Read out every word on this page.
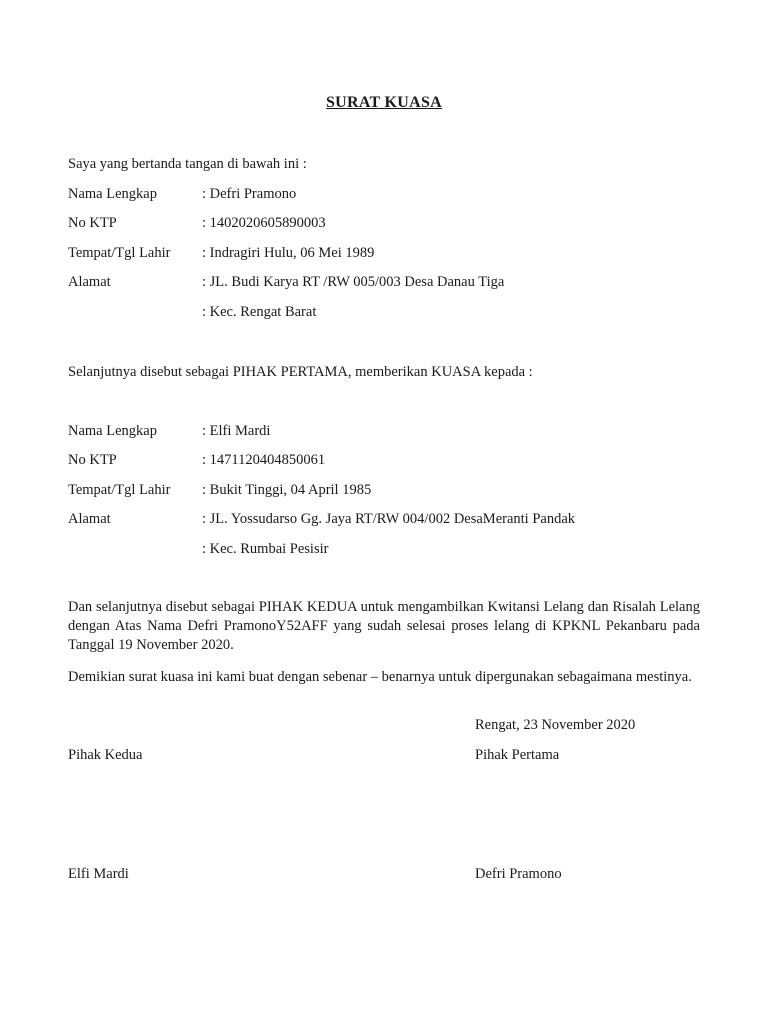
SURAT KUASA
Saya yang bertanda tangan di bawah ini :
Nama Lengkap	: Defri Pramono
No KTP	: 1402020605890003
Tempat/Tgl Lahir : Indragiri Hulu, 06 Mei 1989
Alamat	: JL. Budi Karya RT /RW 005/003 Desa Danau Tiga
: Kec. Rengat Barat
Selanjutnya disebut sebagai PIHAK PERTAMA, memberikan KUASA kepada :
Nama Lengkap	: Elfi Mardi
No KTP	: 1471120404850061
Tempat/Tgl Lahir : Bukit Tinggi, 04 April 1985
Alamat	: JL. Yossudarso Gg. Jaya RT/RW 004/002 DesaMeranti Pandak
: Kec. Rumbai Pesisir
Dan selanjutnya disebut sebagai PIHAK KEDUA untuk mengambilkan Kwitansi Lelang dan Risalah Lelang dengan Atas Nama Defri PramonoY52AFF yang sudah selesai proses lelang di KPKNL Pekanbaru pada Tanggal 19 November 2020.
Demikian surat kuasa ini kami buat dengan sebenar – benarnya untuk dipergunakan sebagaimana mestinya.
Rengat, 23 November 2020
Pihak Kedua	Pihak Pertama
Elfi Mardi	Defri Pramono
